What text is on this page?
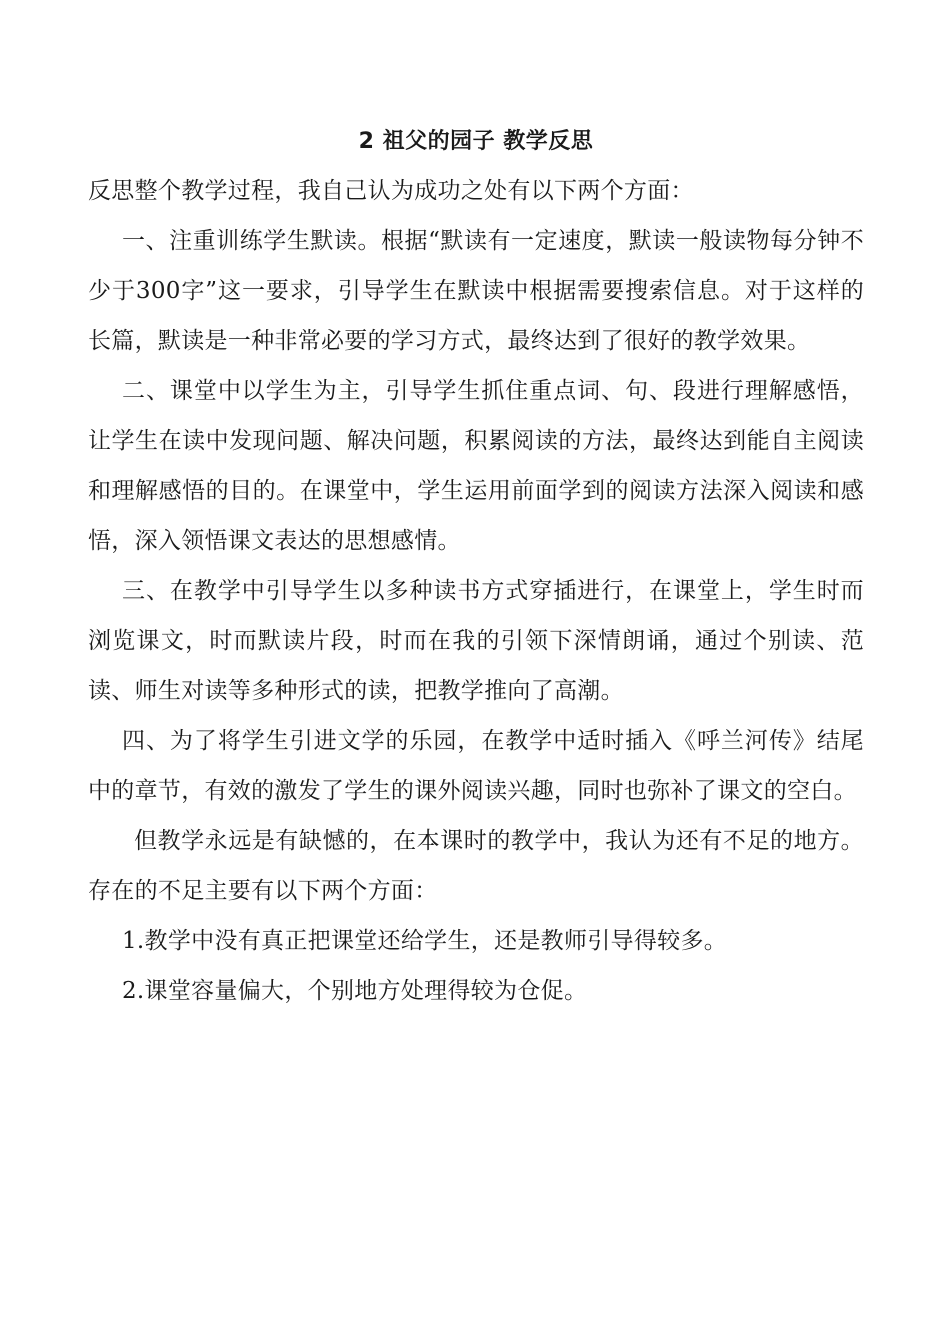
2 祖父的园子 教学反思

反思整个教学过程，我自己认为成功之处有以下两个方面：

一、注重训练学生默读。根据“默读有一定速度，默读一般读物每分钟不少于300字”这一要求，引导学生在默读中根据需要搜索信息。对于这样的长篇，默读是一种非常必要的学习方式，最终达到了很好的教学效果。

二、课堂中以学生为主，引导学生抓住重点词、句、段进行理解感悟，让学生在读中发现问题、解决问题，积累阅读的方法，最终达到能自主阅读和理解感悟的目的。在课堂中，学生运用前面学到的阅读方法深入阅读和感悟，深入领悟课文表达的思想感情。

三、在教学中引导学生以多种读书方式穿插进行，在课堂上，学生时而浏览课文，时而默读片段，时而在我的引领下深情朗诵，通过个别读、范读、师生对读等多种形式的读，把教学推向了高潮。

四、为了将学生引进文学的乐园，在教学中适时插入《呼兰河传》结尾中的章节，有效的激发了学生的课外阅读兴趣，同时也弥补了课文的空白。

但教学永远是有缺憾的，在本课时的教学中，我认为还有不足的地方。存在的不足主要有以下两个方面：

1.教学中没有真正把课堂还给学生，还是教师引导得较多。

2.课堂容量偏大，个别地方处理得较为仓促。
